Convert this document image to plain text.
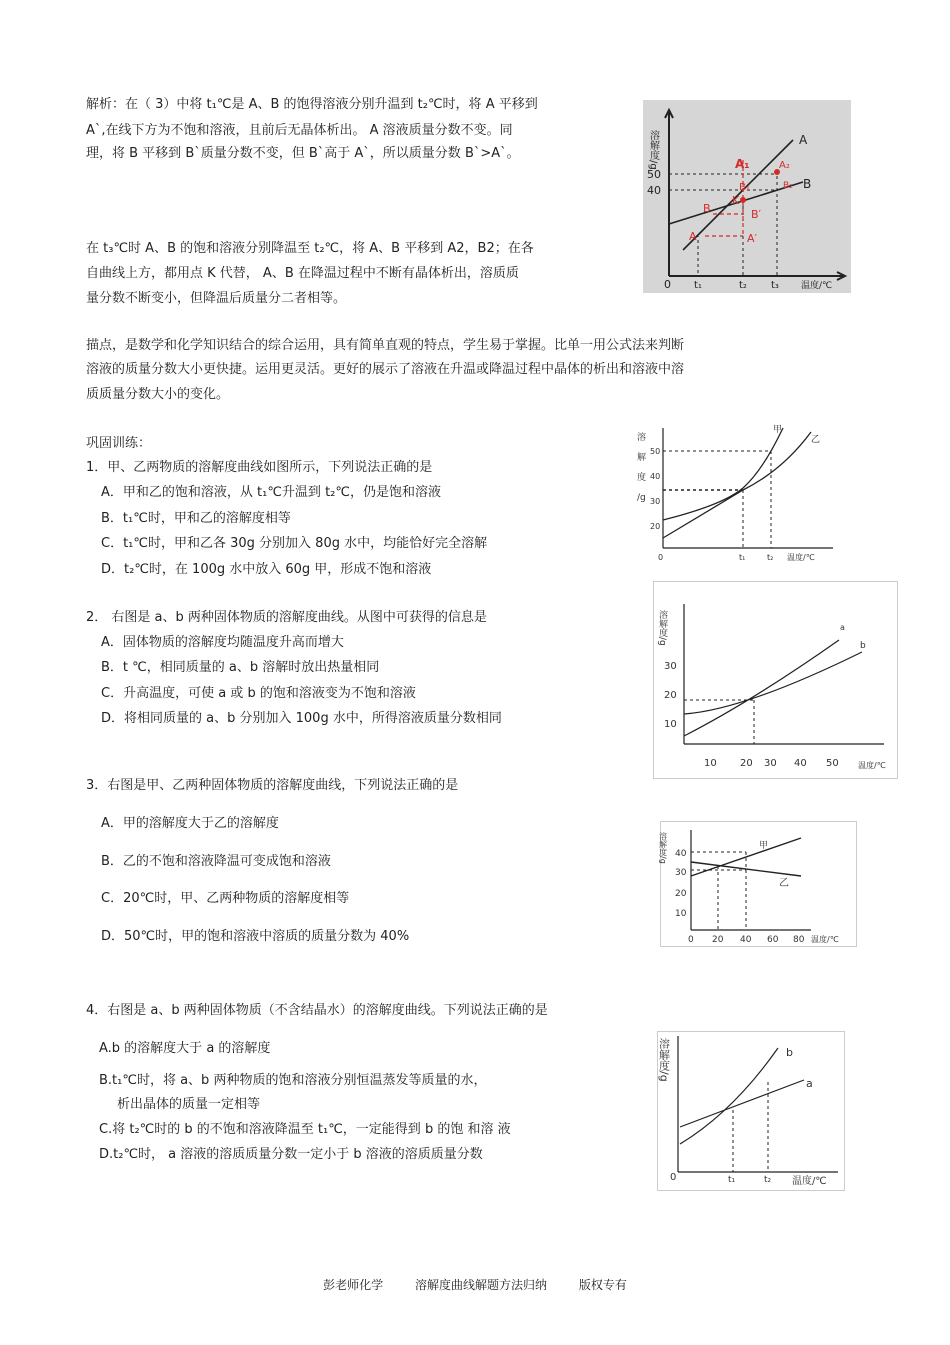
解析：在（ 3）中将 t₁℃是 A、B 的饱得溶液分别升温到 t₂℃时，将 A 平移到
A`,在线下方为不饱和溶液，且前后无晶体析出。 A 溶液质量分数不变。同
理，将 B 平移到 B`质量分数不变，但 B`高于 A`，所以质量分数 B`>A`。
在 t₃℃时 A、B 的饱和溶液分别降温至 t₂℃，将 A、B 平移到 A2，B2；在各
自曲线上方，都用点 K 代替， A、B 在降温过程中不断有晶体析出，溶质质
量分数不断变小，但降温后质量分二者相等。
描点，是数学和化学知识结合的综合运用，具有简单直观的特点，学生易于掌握。比单一用公式法来判断
溶液的质量分数大小更快捷。运用更灵活。更好的展示了溶液在升温或降温过程中晶体的析出和溶液中溶
质质量分数大小的变化。
巩固训练：
1．甲、乙两物质的溶解度曲线如图所示，下列说法正确的是
A．甲和乙的饱和溶液，从 t₁℃升温到 t₂℃，仍是饱和溶液
B．t₁℃时，甲和乙的溶解度相等
C．t₁℃时，甲和乙各 30g 分别加入 80g 水中，均能恰好完全溶解
D．t₂℃时，在 100g 水中放入 60g 甲，形成不饱和溶液
2． 右图是 a、b 两种固体物质的溶解度曲线。从图中可获得的信息是
A．固体物质的溶解度均随温度升高而增大
B．t ℃，相同质量的 a、b 溶解时放出热量相同
C．升高温度，可使 a 或 b 的饱和溶液变为不饱和溶液
D．将相同质量的 a、b 分别加入 100g 水中，所得溶液质量分数相同
3．右图是甲、乙两种固体物质的溶解度曲线，下列说法正确的是
A．甲的溶解度大于乙的溶解度
B．乙的不饱和溶液降温可变成饱和溶液
C．20℃时，甲、乙两种物质的溶解度相等
D．50℃时，甲的饱和溶液中溶质的质量分数为 40%
4．右图是 a、b 两种固体物质（不含结晶水）的溶解度曲线。下列说法正确的是
A.b 的溶解度大于 a 的溶解度
B.t₁℃时，将 a、b 两种物质的饱和溶液分别恒温蒸发等质量的水，
析出晶体的质量一定相等
C.将 t₂℃时的 b 的不饱和溶液降温至 t₁℃，一定能得到 b 的饱 和溶 液
D.t₂℃时， a 溶液的溶质质量分数一定小于 b 溶液的溶质质量分数
溶解度/g
50
40
A
B
0 t₁	t₂ t₃ 温度/℃
A₂
B₂
A₁
B₁
K
B	B′
A	A′
溶
解
度
/g
50
40
30
20
甲
乙
0	t₁	t₂ 温度/℃
溶解度/g
30
20
10
a
b
10 20 30 40 50 温度/℃
溶解度/g 40
30
20
10
甲
乙
0 20 40 60 80 温度/℃
溶解度/g	b
a
0	t₁	t₂ 温度/℃
彭老师化学	溶解度曲线解题方法归纳	版权专有
